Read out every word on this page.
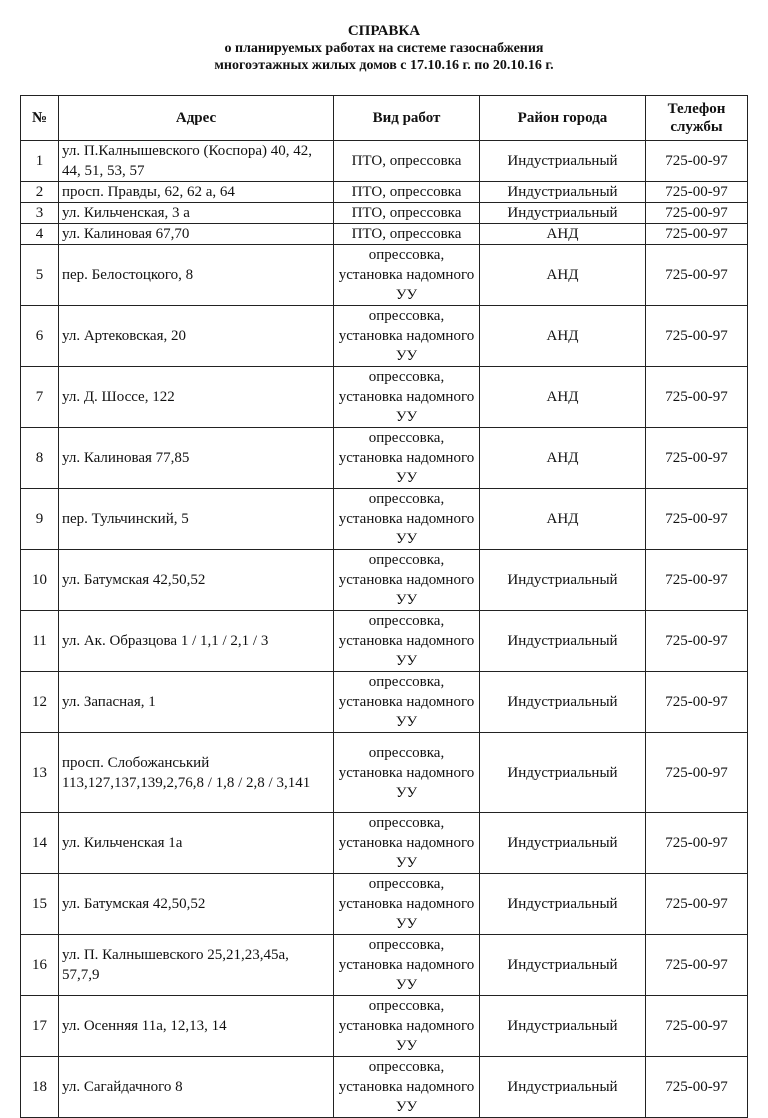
СПРАВКА
о планируемых работах на системе газоснабжения
многоэтажных жилых домов с 17.10.16 г. по 20.10.16 г.
№	Адрес	Вид работ	Район города	Телефон службы
1	ул. П.Калнышевского (Коспора) 40, 42, 44, 51, 53, 57	ПТО, опрессовка	Индустриальный	725-00-97
2	просп. Правды, 62, 62 а, 64	ПТО, опрессовка	Индустриальный	725-00-97
3	ул. Кильченская, 3 а	ПТО, опрессовка	Индустриальный	725-00-97
4	ул. Калиновая 67,70	ПТО, опрессовка	АНД	725-00-97
5	пер. Белостоцкого, 8	опрессовка, установка надомного УУ	АНД	725-00-97
6	ул. Артековская, 20	опрессовка, установка надомного УУ	АНД	725-00-97
7	ул. Д. Шоссе, 122	опрессовка, установка надомного УУ	АНД	725-00-97
8	ул. Калиновая 77,85	опрессовка, установка надомного УУ	АНД	725-00-97
9	пер. Тульчинский, 5	опрессовка, установка надомного УУ	АНД	725-00-97
10	ул. Батумская 42,50,52	опрессовка, установка надомного УУ	Индустриальный	725-00-97
11	ул. Ак. Образцова 1 / 1,1 / 2,1 / 3	опрессовка, установка надомного УУ	Индустриальный	725-00-97
12	ул. Запасная, 1	опрессовка, установка надомного УУ	Индустриальный	725-00-97
13	просп. Слобожанський 113,127,137,139,2,76,8 / 1,8 / 2,8 / 3,141	опрессовка, установка надомного УУ	Индустриальный	725-00-97
14	ул. Кильченская 1а	опрессовка, установка надомного УУ	Индустриальный	725-00-97
15	ул. Батумская 42,50,52	опрессовка, установка надомного УУ	Индустриальный	725-00-97
16	ул. П. Калнышевского 25,21,23,45а, 57,7,9	опрессовка, установка надомного УУ	Индустриальный	725-00-97
17	ул. Осенняя 11а, 12,13, 14	опрессовка, установка надомного УУ	Индустриальный	725-00-97
18	ул. Сагайдачного 8	опрессовка, установка надомного УУ	Индустриальный	725-00-97
